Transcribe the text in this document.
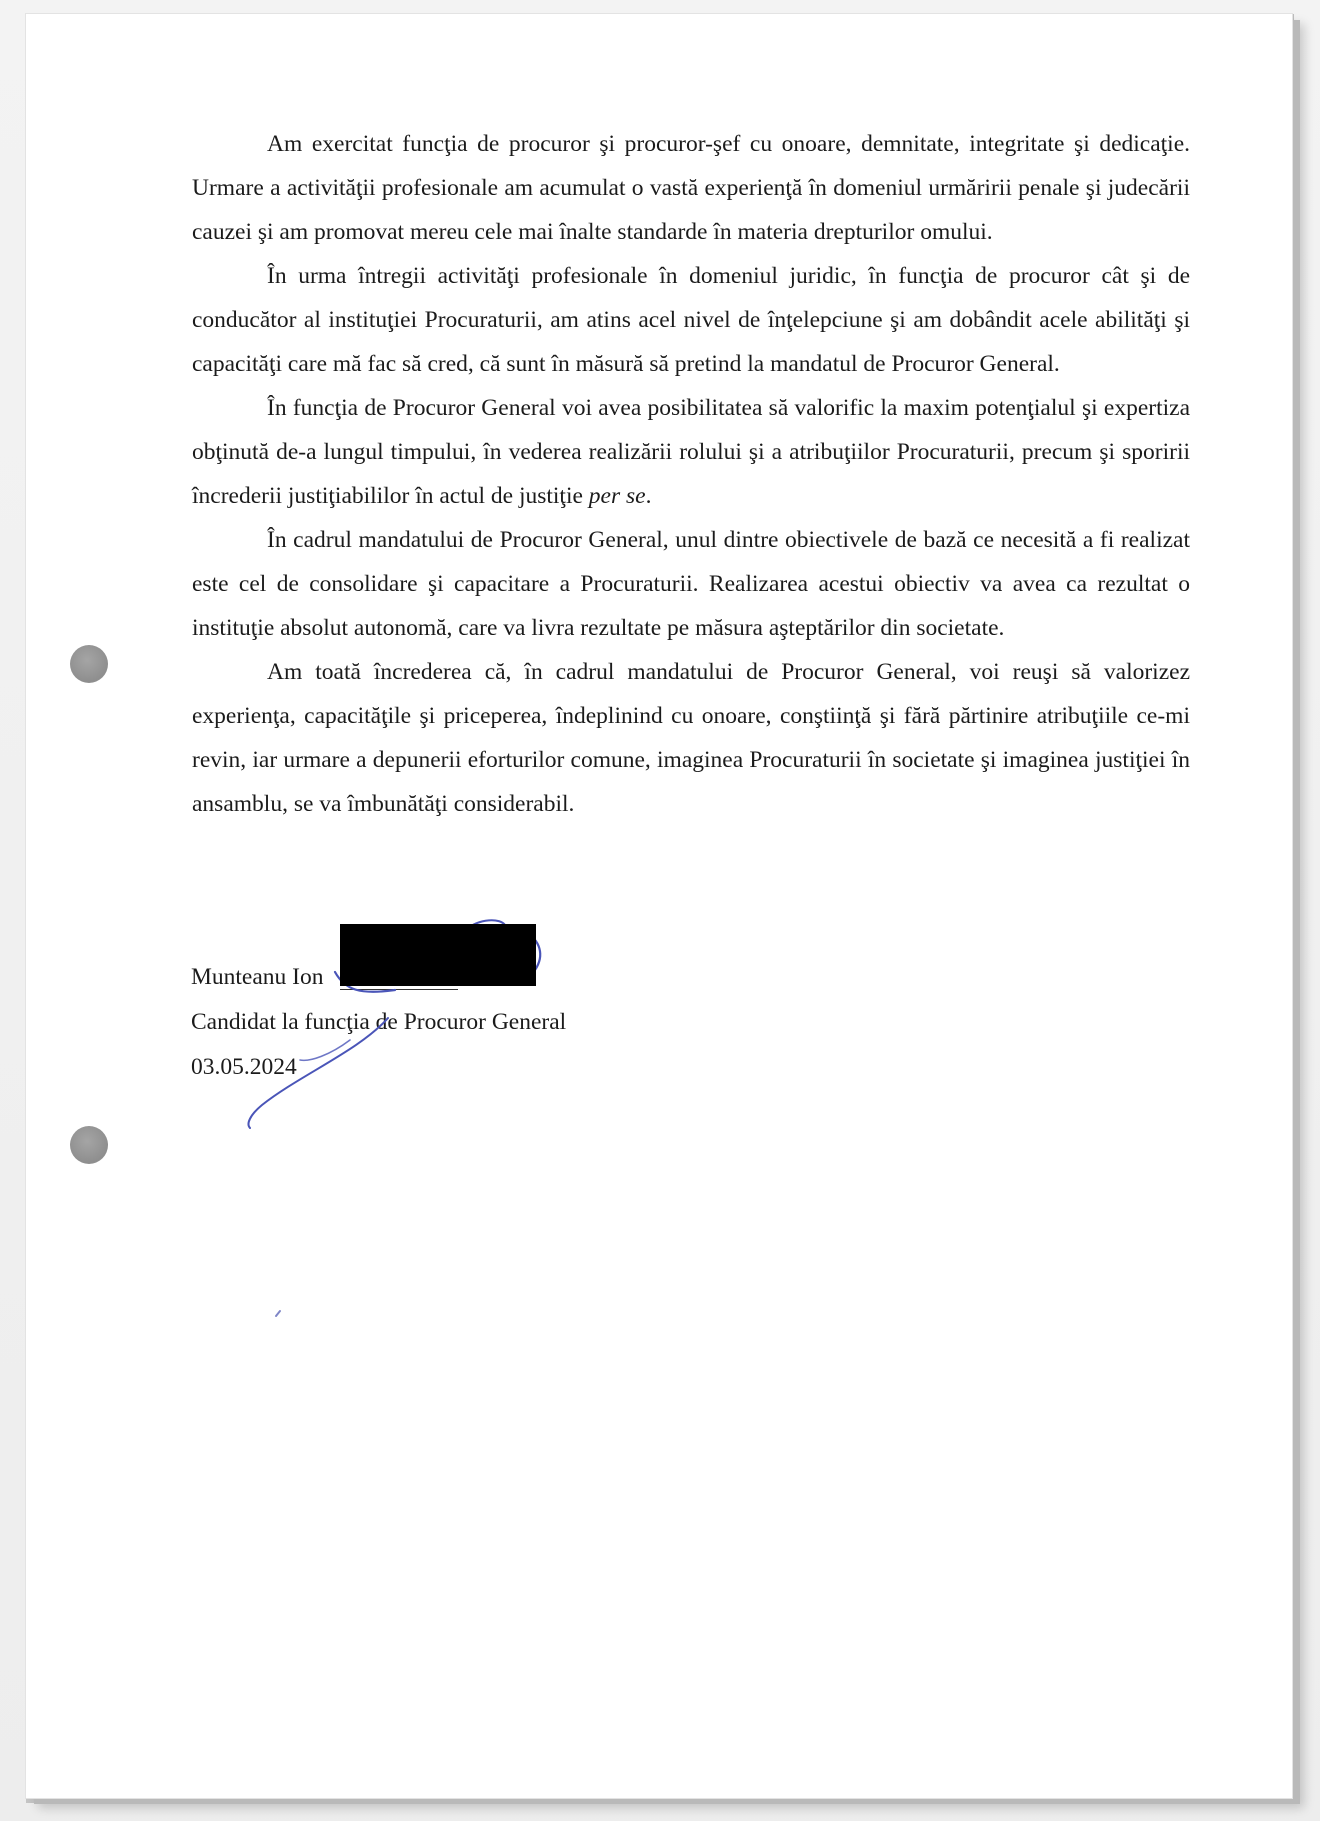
Am exercitat funcţia de procuror şi procuror-şef cu onoare, demnitate, integritate şi dedicaţie. Urmare a activităţii profesionale am acumulat o vastă experienţă în domeniul urmăririi penale şi judecării cauzei şi am promovat mereu cele mai înalte standarde în materia drepturilor omului.

În urma întregii activităţi profesionale în domeniul juridic, în funcţia de procuror cât şi de conducător al instituţiei Procuraturii, am atins acel nivel de înţelepciune şi am dobândit acele abilităţi şi capacităţi care mă fac să cred, că sunt în măsură să pretind la mandatul de Procuror General.

În funcţia de Procuror General voi avea posibilitatea să valorific la maxim potenţialul şi expertiza obţinută de-a lungul timpului, în vederea realizării rolului şi a atribuţiilor Procuraturii, precum şi sporirii încrederii justiţiabililor în actul de justiţie per se.

În cadrul mandatului de Procuror General, unul dintre obiectivele de bază ce necesită a fi realizat este cel de consolidare şi capacitare a Procuraturii. Realizarea acestui obiectiv va avea ca rezultat o instituţie absolut autonomă, care va livra rezultate pe măsura aşteptărilor din societate.

Am toată încrederea că, în cadrul mandatului de Procuror General, voi reuşi să valorizez experienţa, capacităţile şi priceperea, îndeplinind cu onoare, conştiinţă şi fără părtinire atribuţiile ce-mi revin, iar urmare a depunerii eforturilor comune, imaginea Procuraturii în societate şi imaginea justiţiei în ansamblu, se va îmbunătăţi considerabil.

Munteanu Ion
Candidat la funcţia de Procuror General
03.05.2024
